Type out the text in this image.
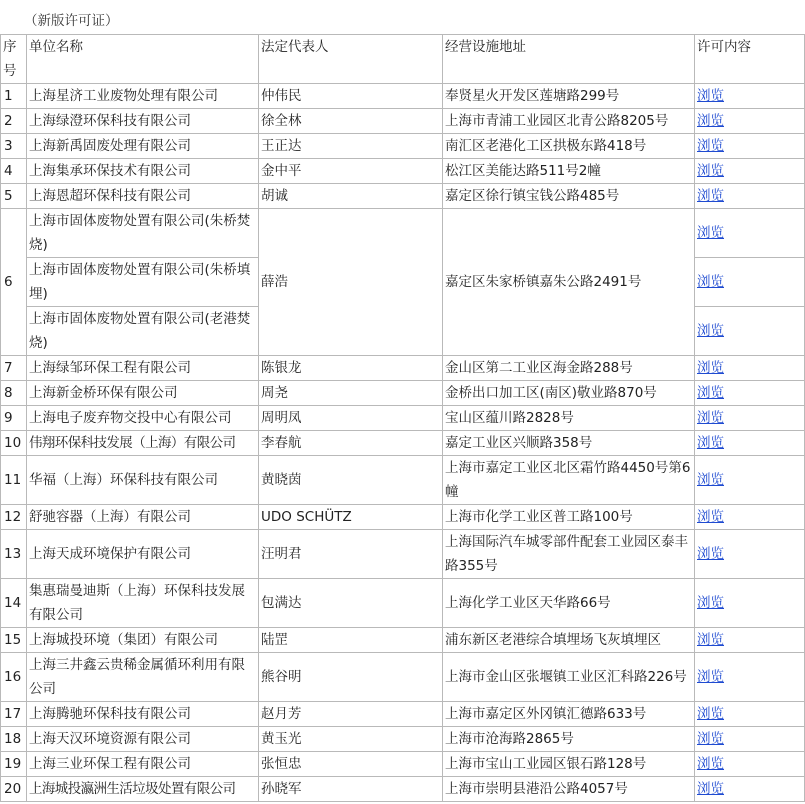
（新版许可证）
序号	单位名称	法定代表人	经营设施地址	许可内容
1	上海星济工业废物处理有限公司	仲伟民	奉贤星火开发区莲塘路299号	浏览
2	上海绿澄环保科技有限公司	徐全林	上海市青浦工业园区北青公路8205号	浏览
3	上海新禹固废处理有限公司	王正达	南汇区老港化工区拱极东路418号	浏览
4	上海集承环保技术有限公司	金中平	松江区美能达路511号2幢	浏览
5	上海恩超环保科技有限公司	胡诚	嘉定区徐行镇宝钱公路485号	浏览
6	上海市固体废物处置有限公司(朱桥焚烧)	薛浩	嘉定区朱家桥镇嘉朱公路2491号	浏览
	上海市固体废物处置有限公司(朱桥填埋)			浏览
	上海市固体废物处置有限公司(老港焚烧)			浏览
7	上海绿邹环保工程有限公司	陈银龙	金山区第二工业区海金路288号	浏览
8	上海新金桥环保有限公司	周尧	金桥出口加工区(南区)敬业路870号	浏览
9	上海电子废弃物交投中心有限公司	周明凤	宝山区蕴川路2828号	浏览
10	伟翔环保科技发展（上海）有限公司	李春航	嘉定工业区兴顺路358号	浏览
11	华福（上海）环保科技有限公司	黄晓茵	上海市嘉定工业区北区霜竹路4450号第6幢	浏览
12	舒驰容器（上海）有限公司	UDO SCHÜTZ	上海市化学工业区普工路100号	浏览
13	上海天成环境保护有限公司	汪明君	上海国际汽车城零部件配套工业园区泰丰路355号	浏览
14	集惠瑞曼迪斯（上海）环保科技发展有限公司	包满达	上海化学工业区天华路66号	浏览
15	上海城投环境（集团）有限公司	陆罡	浦东新区老港综合填埋场飞灰填埋区	浏览
16	上海三井鑫云贵稀金属循环利用有限公司	熊谷明	上海市金山区张堰镇工业区汇科路226号	浏览
17	上海腾驰环保科技有限公司	赵月芳	上海市嘉定区外冈镇汇德路633号	浏览
18	上海天汉环境资源有限公司	黄玉光	上海市沧海路2865号	浏览
19	上海三业环保工程有限公司	张恒忠	上海市宝山工业园区银石路128号	浏览
20	上海城投瀛洲生活垃圾处置有限公司	孙晓军	上海市崇明县港沿公路4057号	浏览
